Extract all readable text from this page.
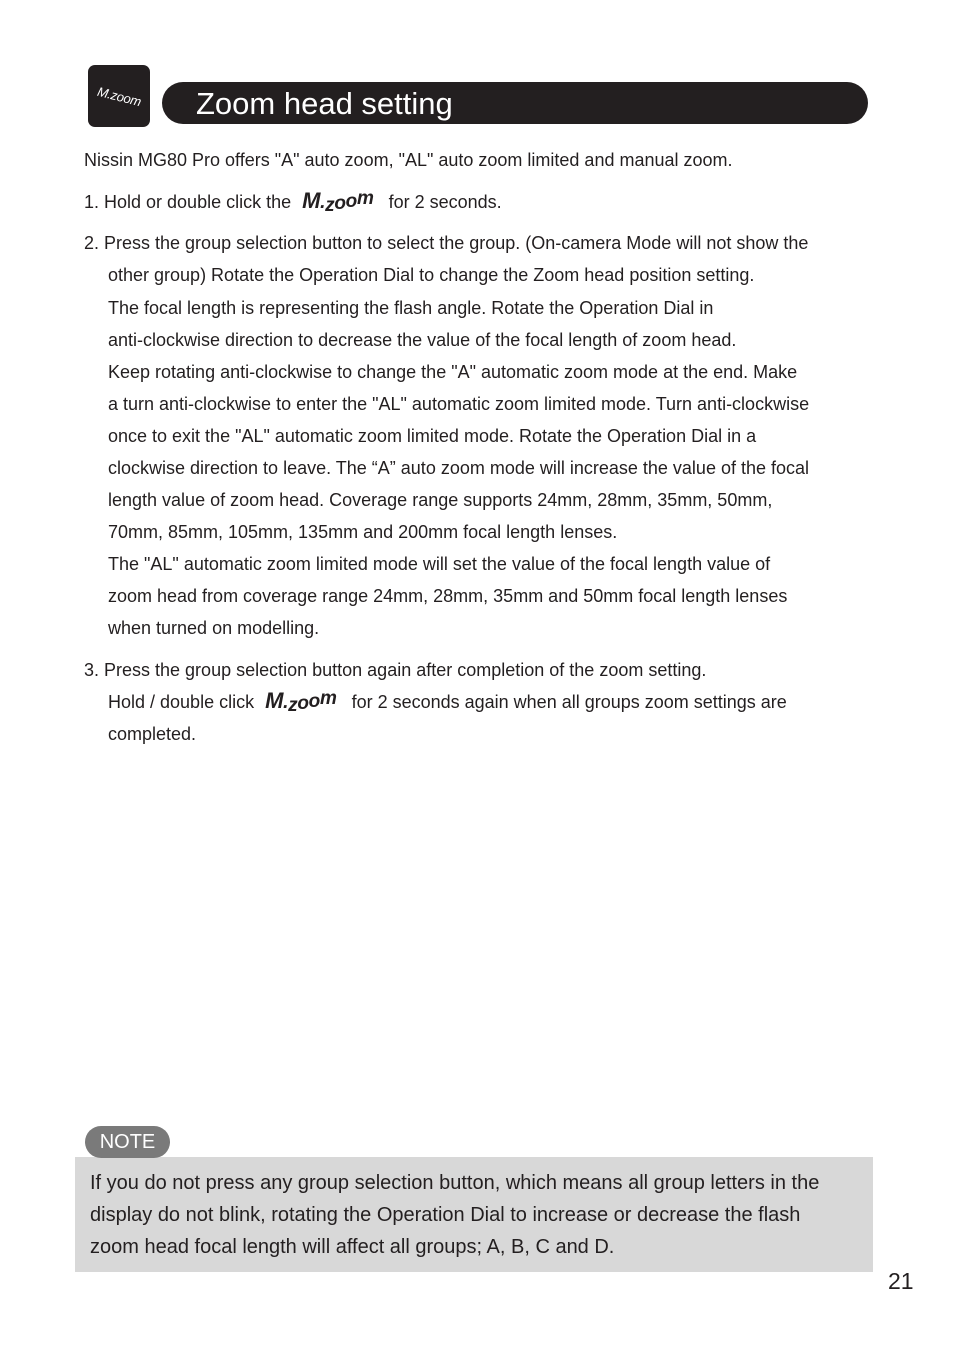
M.zoom Zoom head setting
Nissin MG80 Pro offers "A" auto zoom, "AL" auto zoom limited and manual zoom.
1. Hold or double click the M.zoom for 2 seconds.
2. Press the group selection button to select the group. (On-camera Mode will not show the
other group) Rotate the Operation Dial to change the Zoom head position setting.
The focal length is representing the flash angle. Rotate the Operation Dial in
anti-clockwise direction to decrease the value of the focal length of zoom head.
Keep rotating anti-clockwise to change the "A" automatic zoom mode at the end. Make
a turn anti-clockwise to enter the "AL" automatic zoom limited mode. Turn anti-clockwise
once to exit the "AL" automatic zoom limited mode. Rotate the Operation Dial in a
clockwise direction to leave. The “A” auto zoom mode will increase the value of the focal
length value of zoom head. Coverage range supports 24mm, 28mm, 35mm, 50mm,
70mm, 85mm, 105mm, 135mm and 200mm focal length lenses.
The "AL" automatic zoom limited mode will set the value of the focal length value of
zoom head from coverage range 24mm, 28mm, 35mm and 50mm focal length lenses
when turned on modelling.
3. Press the group selection button again after completion of the zoom setting.
Hold / double click M.zoom for 2 seconds again when all groups zoom settings are
completed.
If you do not press any group selection button, which means all group letters in the
display do not blink, rotating the Operation Dial to increase or decrease the flash
zoom head focal length will affect all groups; A, B, C and D.
NOTE
21
